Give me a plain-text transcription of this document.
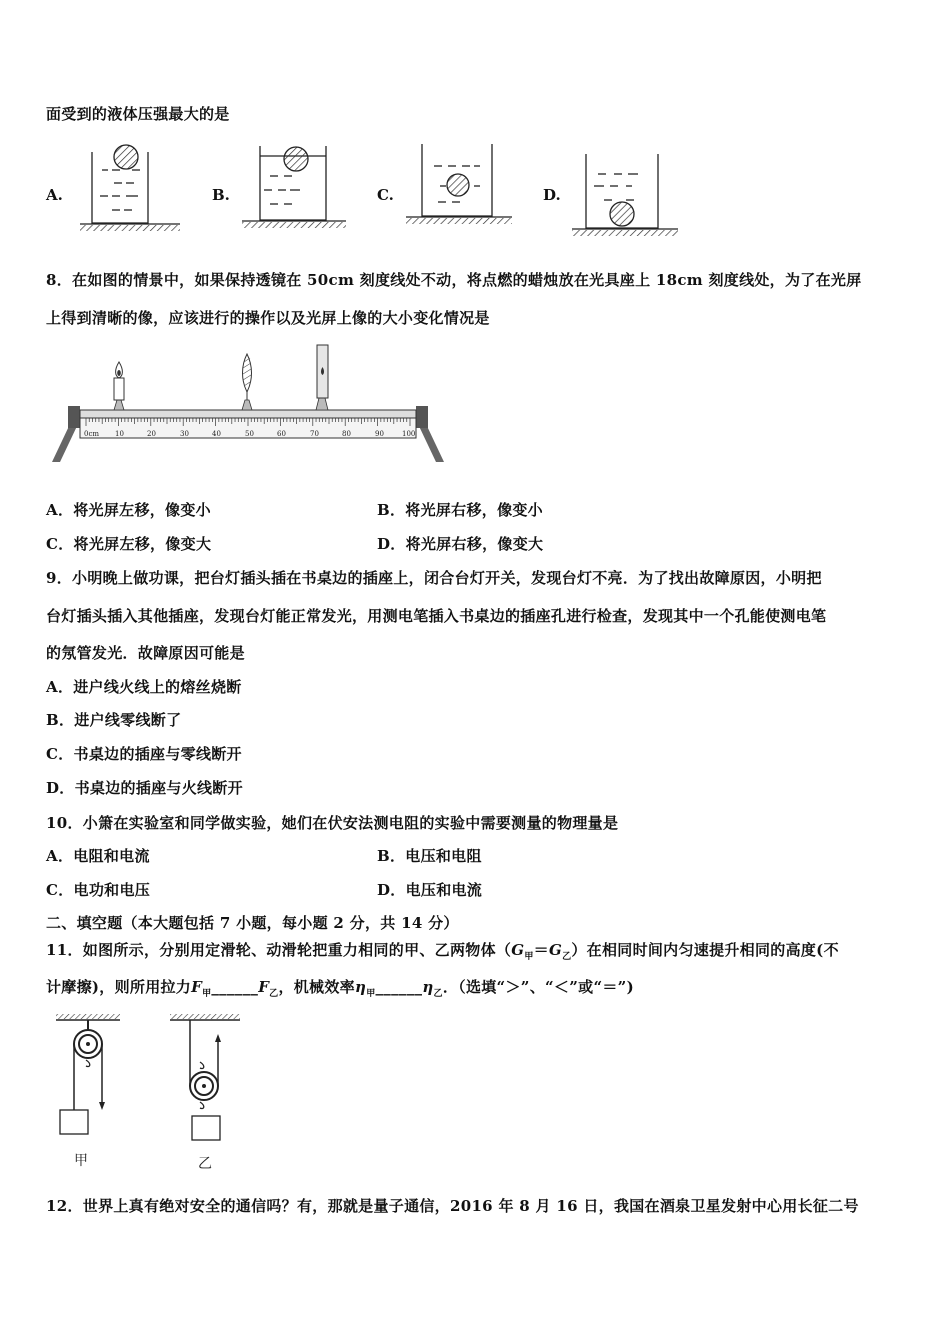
面受到的液体压强最大的是
A.	B.	C.	D.
8．在如图的情景中，如果保持透镜在 50cm 刻度线处不动，将点燃的蜡烛放在光具座上 18cm 刻度线处，为了在光屏
上得到清晰的像，应该进行的操作以及光屏上像的大小变化情况是
0cm 10	20	30	40	50	60	70	80	90	100
A．将光屏左移，像变小	B．将光屏右移，像变小
C．将光屏左移，像变大	D．将光屏右移，像变大
9．小明晚上做功课，把台灯插头插在书桌边的插座上，闭合台灯开关，发现台灯不亮．为了找出故障原因，小明把
台灯插头插入其他插座，发现台灯能正常发光，用测电笔插入书桌边的插座孔进行检查，发现其中一个孔能使测电笔
的氖管发光．故障原因可能是
A．进户线火线上的熔丝烧断
B．进户线零线断了
C．书桌边的插座与零线断开
D．书桌边的插座与火线断开
10．小箫在实验室和同学做实验，她们在伏安法测电阻的实验中需要测量的物理量是
A．电阻和电流	B．电压和电阻
C．电功和电压	D．电压和电流
二、填空题（本大题包括 7 小题，每小题 2 分，共 14 分）
11．如图所示，分别用定滑轮、动滑轮把重力相同的甲、乙两物体$(G_甲=G_乙)$在相同时间内匀速提升相同的高度(不
计摩擦)，则所用拉力$F_甲\_\_\_\_\_\_F_乙$，机械效率$\eta_甲\_\_\_\_\_\_\eta_乙$．（选填“＞”、“＜”或“＝”)
甲	乙
12．世界上真有绝对安全的通信吗？有，那就是量子通信，2016 年 8 月 16 日，我国在酒泉卫星发射中心用长征二号
